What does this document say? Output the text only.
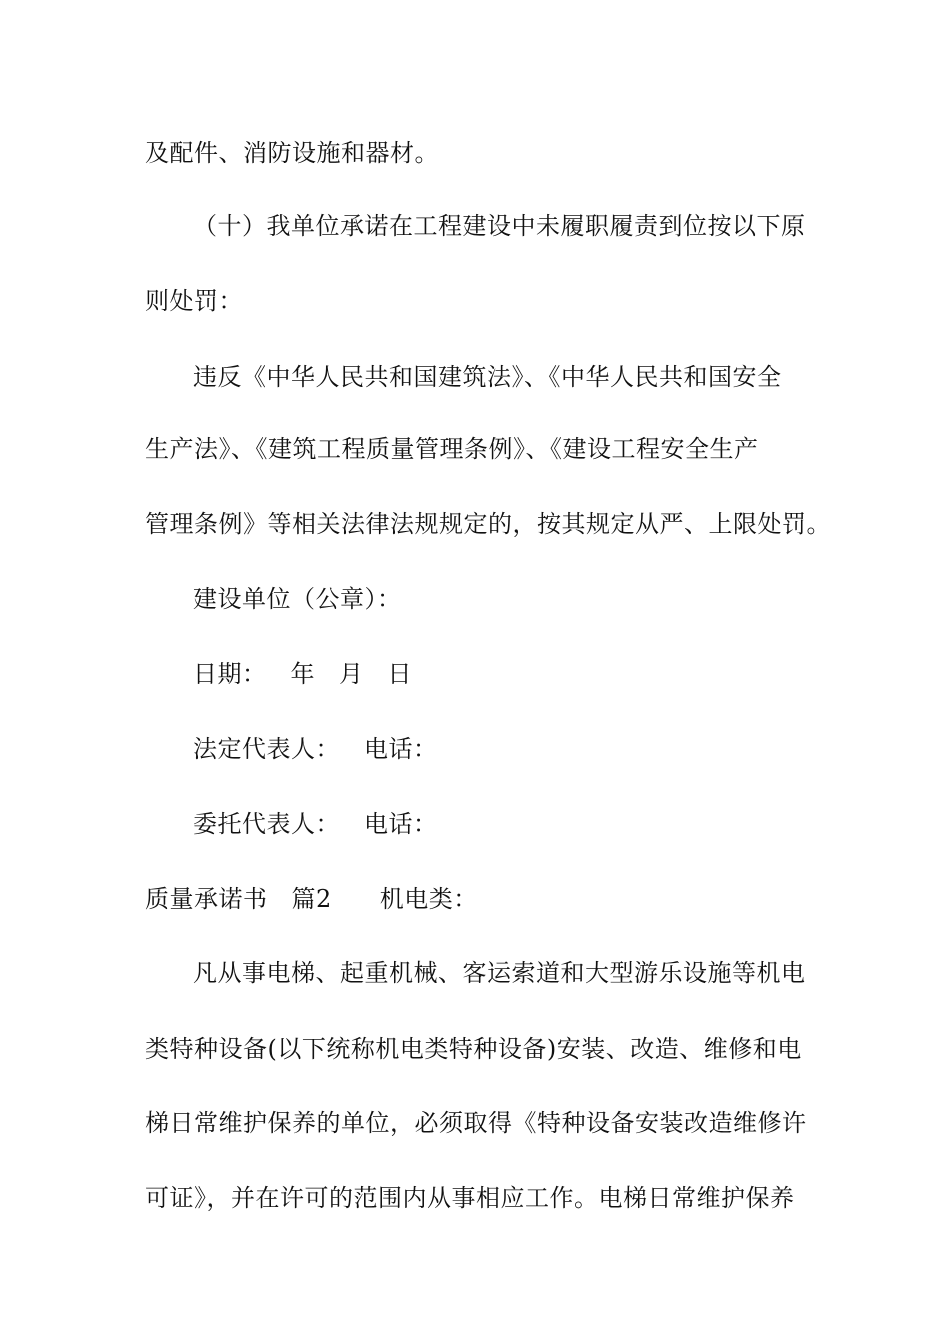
及配件、消防设施和器材。
（十）我单位承诺在工程建设中未履职履责到位按以下原
则处罚：
违反《中华人民共和国建筑法》、《中华人民共和国安全
生产法》、《建筑工程质量管理条例》、《建设工程安全生产
管理条例》等相关法律法规规定的，按其规定从严、上限处罚。
建设单位（公章）：
日期： 年 月 日
法定代表人： 电话：
委托代表人： 电话：
质量承诺书 篇2 机电类：
凡从事电梯、起重机械、客运索道和大型游乐设施等机电
类特种设备(以下统称机电类特种设备)安装、改造、维修和电
梯日常维护保养的单位，必须取得《特种设备安装改造维修许
可证》，并在许可的范围内从事相应工作。电梯日常维护保养
